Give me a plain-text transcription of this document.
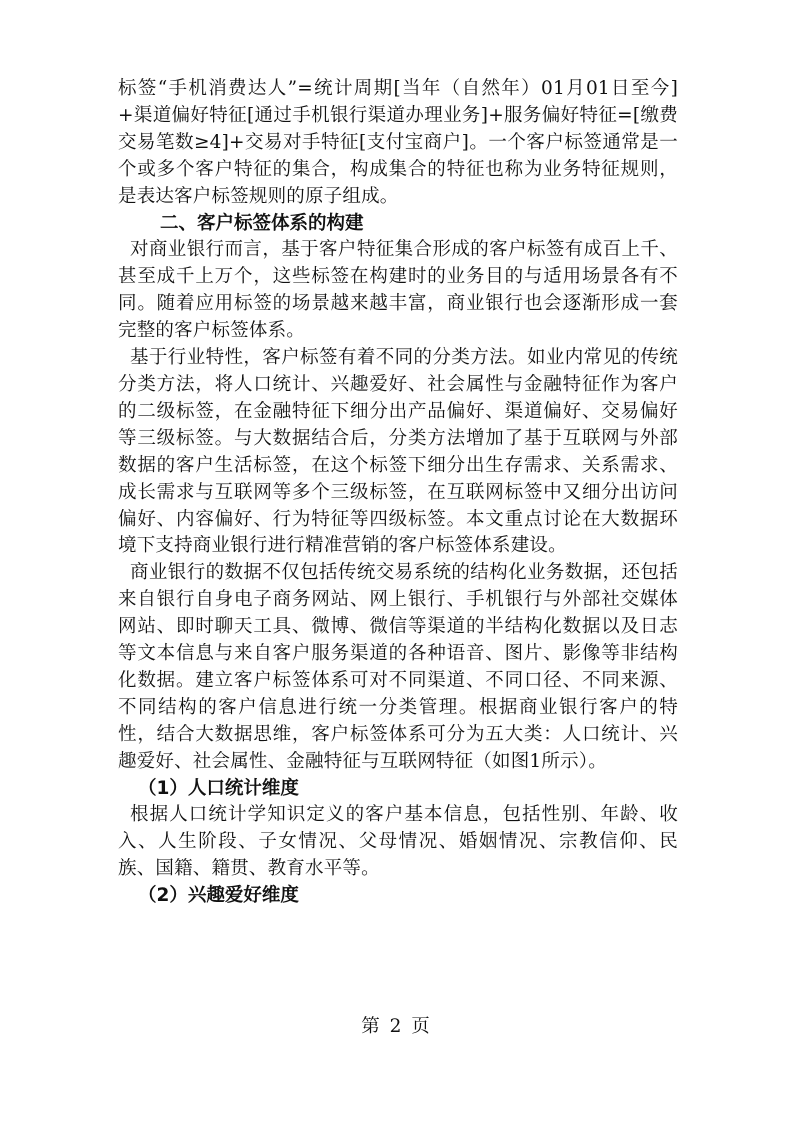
标签“手机消费达人”=统计周期[当年（自然年）01月01日至今]+渠道偏好特征[通过手机银行渠道办理业务]+服务偏好特征=[缴费交易笔数≥4]+交易对手特征[支付宝商户]。一个客户标签通常是一个或多个客户特征的集合，构成集合的特征也称为业务特征规则，是表达客户标签规则的原子组成。

二、客户标签体系的构建

对商业银行而言，基于客户特征集合形成的客户标签有成百上千、甚至成千上万个，这些标签在构建时的业务目的与适用场景各有不同。随着应用标签的场景越来越丰富，商业银行也会逐渐形成一套完整的客户标签体系。

基于行业特性，客户标签有着不同的分类方法。如业内常见的传统分类方法，将人口统计、兴趣爱好、社会属性与金融特征作为客户的二级标签，在金融特征下细分出产品偏好、渠道偏好、交易偏好等三级标签。与大数据结合后，分类方法增加了基于互联网与外部数据的客户生活标签，在这个标签下细分出生存需求、关系需求、成长需求与互联网等多个三级标签，在互联网标签中又细分出访问偏好、内容偏好、行为特征等四级标签。本文重点讨论在大数据环境下支持商业银行进行精准营销的客户标签体系建设。

商业银行的数据不仅包括传统交易系统的结构化业务数据，还包括来自银行自身电子商务网站、网上银行、手机银行与外部社交媒体网站、即时聊天工具、微博、微信等渠道的半结构化数据以及日志等文本信息与来自客户服务渠道的各种语音、图片、影像等非结构化数据。建立客户标签体系可对不同渠道、不同口径、不同来源、不同结构的客户信息进行统一分类管理。根据商业银行客户的特性，结合大数据思维，客户标签体系可分为五大类：人口统计、兴趣爱好、社会属性、金融特征与互联网特征（如图1所示）。

（1）人口统计维度

根据人口统计学知识定义的客户基本信息，包括性别、年龄、收入、人生阶段、子女情况、父母情况、婚姻情况、宗教信仰、民族、国籍、籍贯、教育水平等。

（2）兴趣爱好维度

第 2 页
